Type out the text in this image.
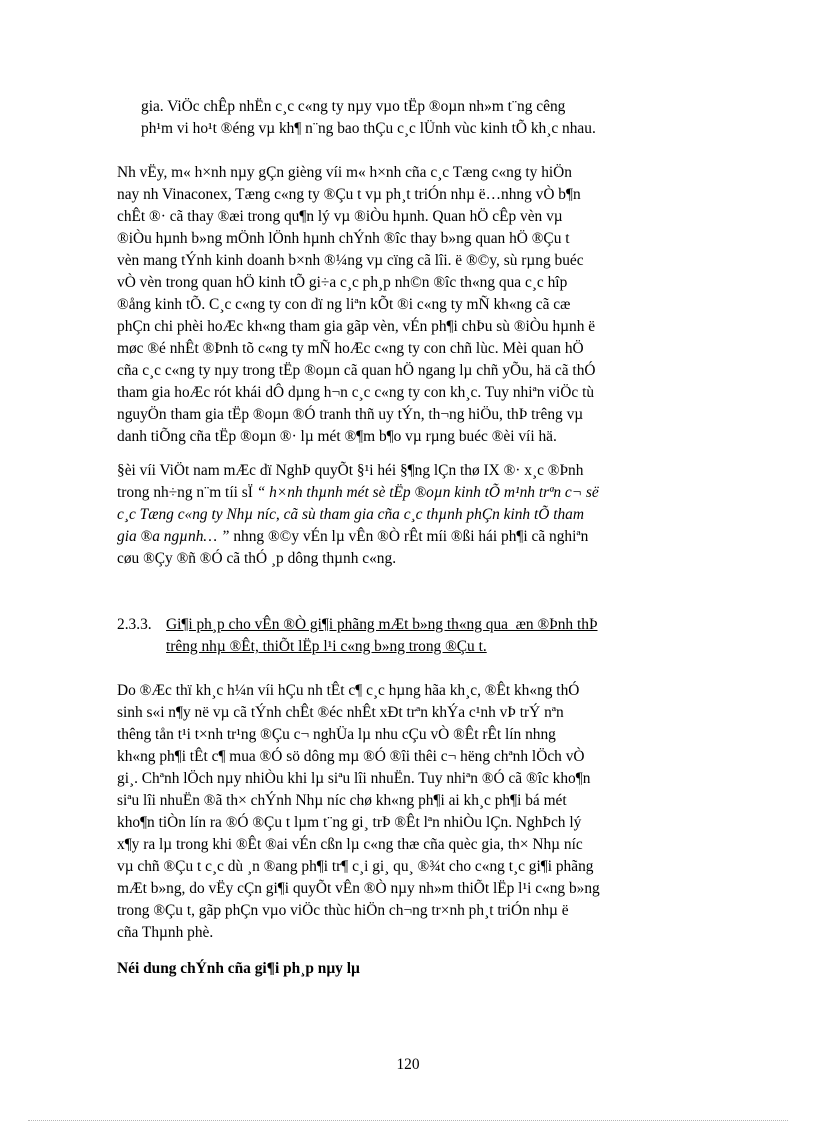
gia. ViÖc chÊp nhËn c¸c c«ng ty nµy vµo tËp ®oµn nh»m t¨ng cêng
ph¹m vi ho¹t ®éng vµ kh¶ n¨ng bao thÇu c¸c lÜnh vùc kinh tÕ kh¸c nhau.

Nh vËy, m« h×nh nµy gÇn gièng víi m« h×nh cña c¸c Tæng c«ng ty hiÖn
nay nh Vinaconex, Tæng c«ng ty ®Çu t vµ ph¸t triÓn nhµ ë…nhng vÒ b¶n
chÊt ®· cã thay ®æi trong qu¶n lý vµ ®iÒu hµnh. Quan hÖ cÊp vèn vµ
®iÒu hµnh b»ng mÖnh lÖnh hµnh chÝnh ®îc thay b»ng quan hÖ ®Çu t
vèn mang tÝnh kinh doanh b×nh ®¼ng vµ cïng cã lîi. ë ®©y, sù rµng buéc
vÒ vèn trong quan hÖ kinh tÕ gi÷a c¸c ph¸p nh©n ®îc th«ng qua c¸c hîp
®ång kinh tÕ. C¸c c«ng ty con dï ng liªn kÕt ®i c«ng ty mÑ kh«ng cã cæ
phÇn chi phèi hoÆc kh«ng tham gia gãp vèn, vÉn ph¶i chÞu sù ®iÒu hµnh ë
møc ®é nhÊt ®Þnh tõ c«ng ty mÑ hoÆc c«ng ty con chñ lùc. Mèi quan hÖ
cña c¸c c«ng ty nµy trong tËp ®oµn cã quan hÖ ngang lµ chñ yÕu, hä cã thÓ
tham gia hoÆc rót khái dÔ dµng h¬n c¸c c«ng ty con kh¸c. Tuy nhiªn viÖc tù
nguyÖn tham gia tËp ®oµn ®Ó tranh thñ uy tÝn, th¬ng hiÖu, thÞ trêng vµ
danh tiÕng cña tËp ®oµn ®· lµ mét ®¶m b¶o vµ rµng buéc ®èi víi hä.

§èi víi ViÖt nam mÆc dï NghÞ quyÕt §¹i héi §¶ng lÇn thø IX ®· x¸c ®Þnh
trong nh÷ng n¨m tíi sÏ “ h×nh thµnh mét sè tËp ®oµn kinh tÕ m¹nh trªn c¬ së
c¸c Tæng c«ng ty Nhµ níc, cã sù tham gia cña c¸c thµnh phÇn kinh tÕ tham
gia ®a ngµnh… ” nhng ®©y vÉn lµ vÊn ®Ò rÊt míi ®ßi hái ph¶i cã nghiªn
cøu ®Çy ®ñ ®Ó cã thÓ ¸p dông thµnh c«ng.

2.3.3. Gi¶i ph¸p cho vÊn ®Ò gi¶i phãng mÆt b»ng th«ng qua æn ®Þnh thÞ
trêng nhµ ®Êt, thiÕt lËp l¹i c«ng b»ng trong ®Çu t.

Do ®Æc thï kh¸c h¼n víi hÇu nh tÊt c¶ c¸c hµng hãa kh¸c, ®Êt kh«ng thÓ
sinh s«i n¶y në vµ cã tÝnh chÊt ®éc nhÊt xÐt trªn khÝa c¹nh vÞ trÝ nªn
thêng tån t¹i t×nh tr¹ng ®Çu c¬ nghÜa lµ nhu cÇu vÒ ®Êt rÊt lín nhng
kh«ng ph¶i tÊt c¶ mua ®Ó sö dông mµ ®Ó ®îi thêi c¬ hëng chªnh lÖch vÒ
gi¸. Chªnh lÖch nµy nhiÒu khi lµ siªu lîi nhuËn. Tuy nhiªn ®Ó cã ®îc kho¶n
siªu lîi nhuËn ®ã th× chÝnh Nhµ níc chø kh«ng ph¶i ai kh¸c ph¶i bá mét
kho¶n tiÒn lín ra ®Ó ®Çu t lµm t¨ng gi¸ trÞ ®Êt lªn nhiÒu lÇn. NghÞch lý
x¶y ra lµ trong khi ®Êt ®ai vÉn cßn lµ c«ng thæ cña quèc gia, th× Nhµ níc
vµ chñ ®Çu t c¸c dù ¸n ®ang ph¶i tr¶ c¸i gi¸ qu¸ ®¾t cho c«ng t¸c gi¶i phãng
mÆt b»ng, do vËy cÇn gi¶i quyÕt vÊn ®Ò nµy nh»m thiÕt lËp l¹i c«ng b»ng
trong ®Çu t, gãp phÇn vµo viÖc thùc hiÖn ch¬ng tr×nh ph¸t triÓn nhµ ë
cña Thµnh phè.

Néi dung chÝnh cña gi¶i ph¸p nµy lµ
120
